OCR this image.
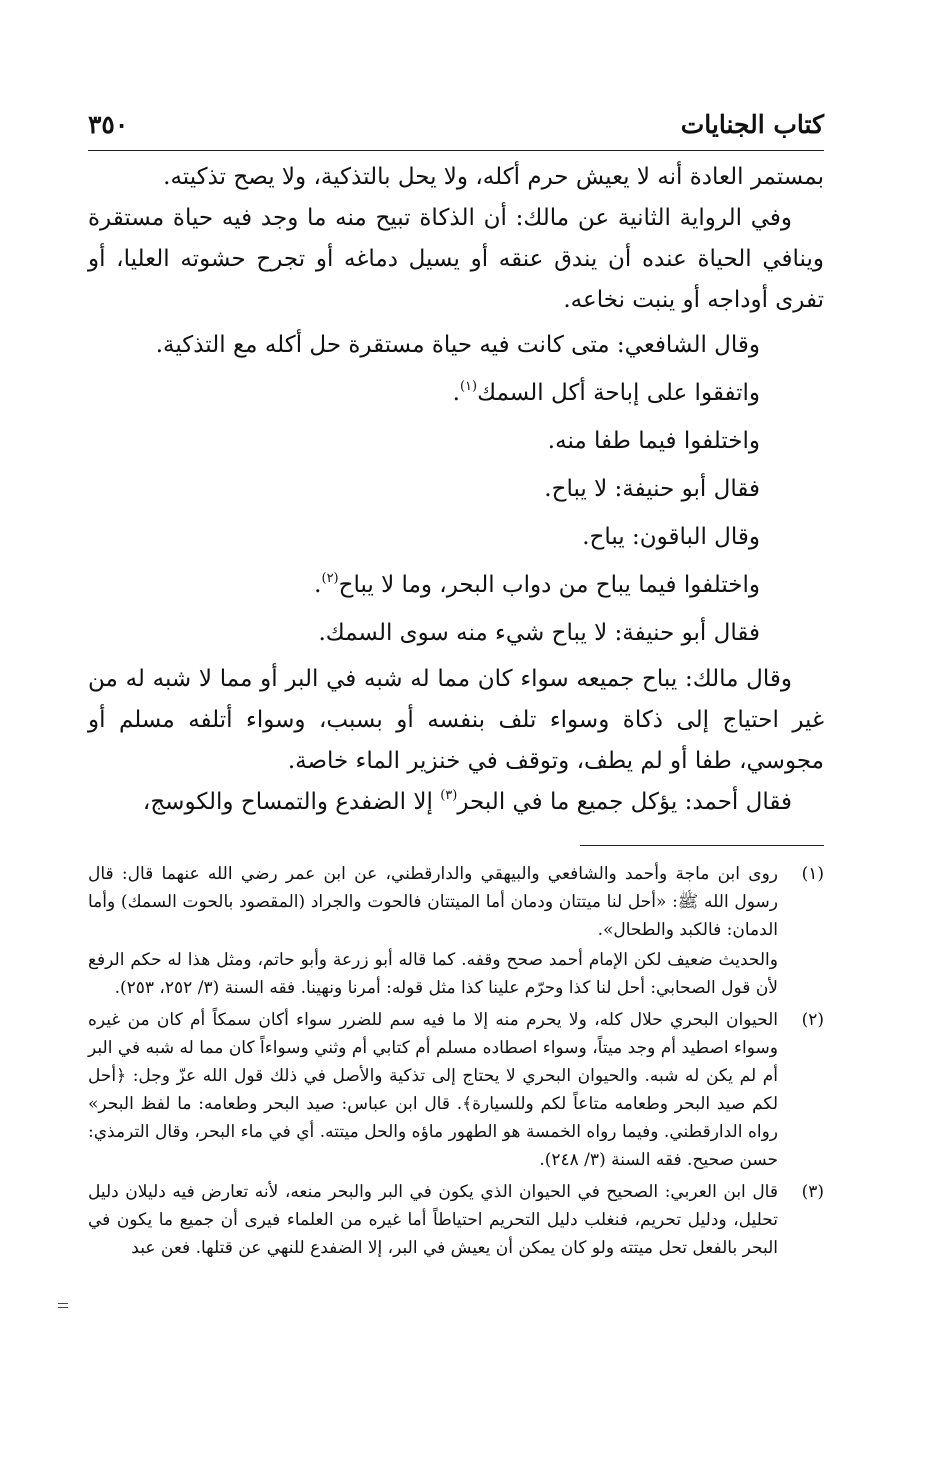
كتاب الجنايات
٣٥٠

بمستمر العادة أنه لا يعيش حرم أكله، ولا يحل بالتذكية، ولا يصح تذكيته.

وفي الرواية الثانية عن مالك: أن الذكاة تبيح منه ما وجد فيه حياة مستقرة وينافي الحياة عنده أن يندق عنقه أو يسيل دماغه أو تجرح حشوته العليا، أو تفرى أوداجه أو ينبت نخاعه.

وقال الشافعي: متى كانت فيه حياة مستقرة حل أكله مع التذكية.

واتفقوا على إباحة أكل السمك$^{(١)}$.

واختلفوا فيما طفا منه.

فقال أبو حنيفة: لا يباح.

وقال الباقون: يباح.

واختلفوا فيما يباح من دواب البحر، وما لا يباح$^{(٢)}$.

فقال أبو حنيفة: لا يباح شيء منه سوى السمك.

وقال مالك: يباح جميعه سواء كان مما له شبه في البر أو مما لا شبه له من غير احتياج إلى ذكاة وسواء تلف بنفسه أو بسبب، وسواء أتلفه مسلم أو مجوسي، طفا أو لم يطف، وتوقف في خنزير الماء خاصة.

فقال أحمد: يؤكل جميع ما في البحر$^{(٣)}$ إلا الضفدع والتمساح والكوسج،

(١)

روى ابن ماجة وأحمد والشافعي والبيهقي والدارقطني، عن ابن عمر رضي الله عنهما قال: قال رسول الله ﷺ: «أحل لنا ميتتان ودمان أما الميتتان فالحوت والجراد (المقصود بالحوت السمك) وأما الدمان: فالكبد والطحال».

والحديث ضعيف لكن الإمام أحمد صحح وقفه. كما قاله أبو زرعة وأبو حاتم، ومثل هذا له حكم الرفع لأن قول الصحابي: أحل لنا كذا وحرّم علينا كذا مثل قوله: أمرنا ونهينا. فقه السنة (٣/ ٢٥٢، ٢٥٣).

(٢)

الحيوان البحري حلال كله، ولا يحرم منه إلا ما فيه سم للضرر سواء أكان سمكاً أم كان من غيره وسواء اصطيد أم وجد ميتاً، وسواء اصطاده مسلم أم كتابي أم وثني وسواءاً كان مما له شبه في البر أم لم يكن له شبه. والحيوان البحري لا يحتاج إلى تذكية والأصل في ذلك قول الله عزّ وجل: ﴿أحل لكم صيد البحر وطعامه متاعاً لكم وللسيارة﴾. قال ابن عباس: صيد البحر وطعامه: ما لفظ البحر» رواه الدارقطني. وفيما رواه الخمسة هو الطهور ماؤه والحل ميتته. أي في ماء البحر، وقال الترمذي: حسن صحيح. فقه السنة (٣/ ٢٤٨).

(٣)

قال ابن العربي: الصحيح في الحيوان الذي يكون في البر والبحر منعه، لأنه تعارض فيه دليلان دليل تحليل، ودليل تحريم، فنغلب دليل التحريم احتياطاً أما غيره من العلماء فيرى أن جميع ما يكون في البحر بالفعل تحل ميتته ولو كان يمكن أن يعيش في البر، إلا الضفدع للنهي عن قتلها. فعن عبد
